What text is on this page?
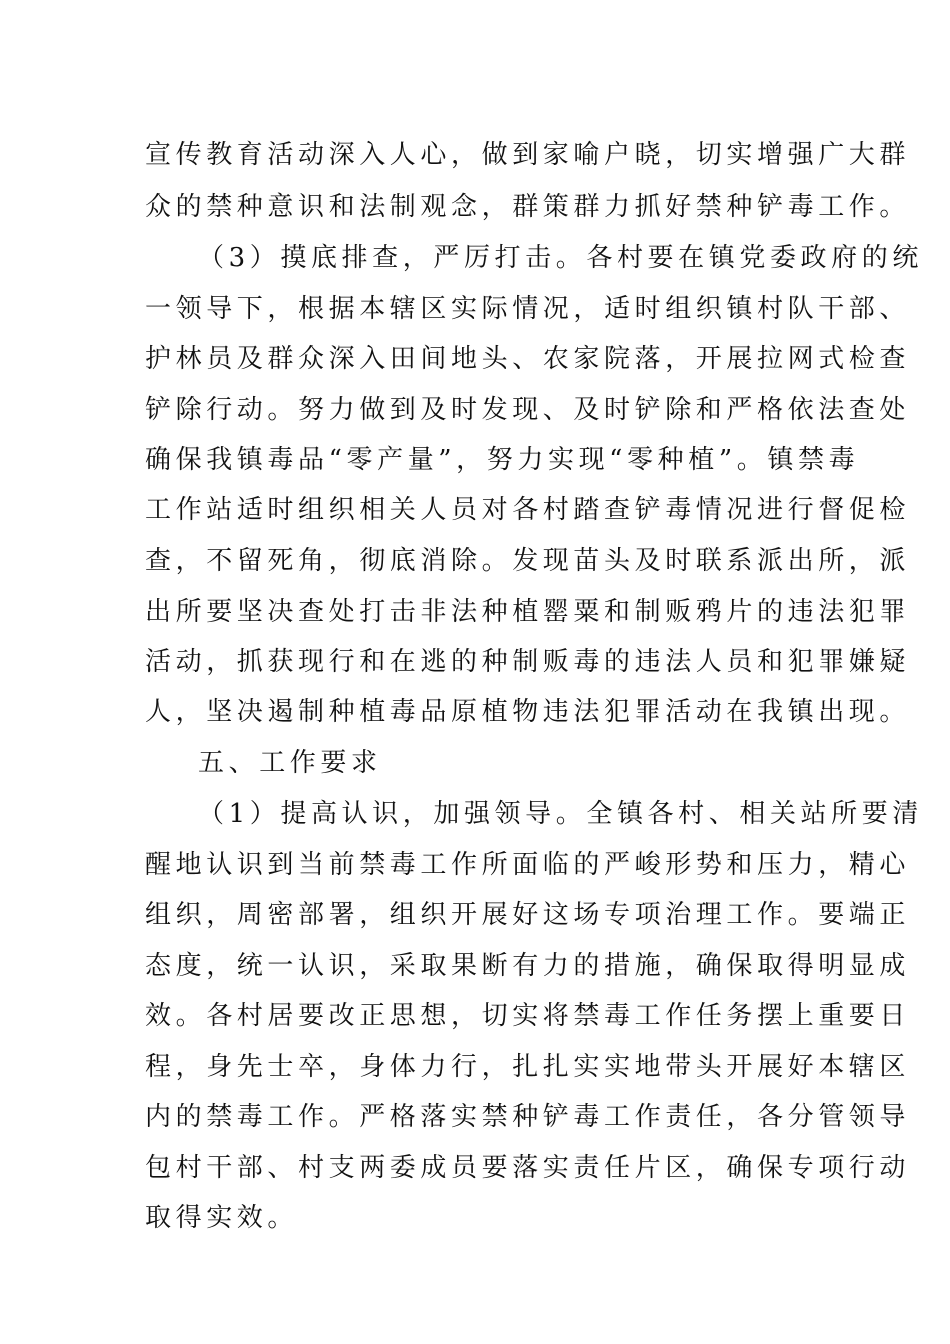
宣传教育活动深入人心，做到家喻户晓，切实增强广大群
众的禁种意识和法制观念，群策群力抓好禁种铲毒工作。
（3）摸底排查，严厉打击。各村要在镇党委政府的统
一领导下，根据本辖区实际情况，适时组织镇村队干部、
护林员及群众深入田间地头、农家院落，开展拉网式检查
铲除行动。努力做到及时发现、及时铲除和严格依法查处
确保我镇毒品“零产量”，努力实现“零种植”。镇禁毒
工作站适时组织相关人员对各村踏查铲毒情况进行督促检
查，不留死角，彻底消除。发现苗头及时联系派出所，派
出所要坚决查处打击非法种植罂粟和制贩鸦片的违法犯罪
活动，抓获现行和在逃的种制贩毒的违法人员和犯罪嫌疑
人，坚决遏制种植毒品原植物违法犯罪活动在我镇出现。
五、工作要求
（1）提高认识，加强领导。全镇各村、相关站所要清
醒地认识到当前禁毒工作所面临的严峻形势和压力，精心
组织，周密部署，组织开展好这场专项治理工作。要端正
态度，统一认识，采取果断有力的措施，确保取得明显成
效。各村居要改正思想，切实将禁毒工作任务摆上重要日
程，身先士卒，身体力行，扎扎实实地带头开展好本辖区
内的禁毒工作。严格落实禁种铲毒工作责任，各分管领导
包村干部、村支两委成员要落实责任片区，确保专项行动
取得实效。
